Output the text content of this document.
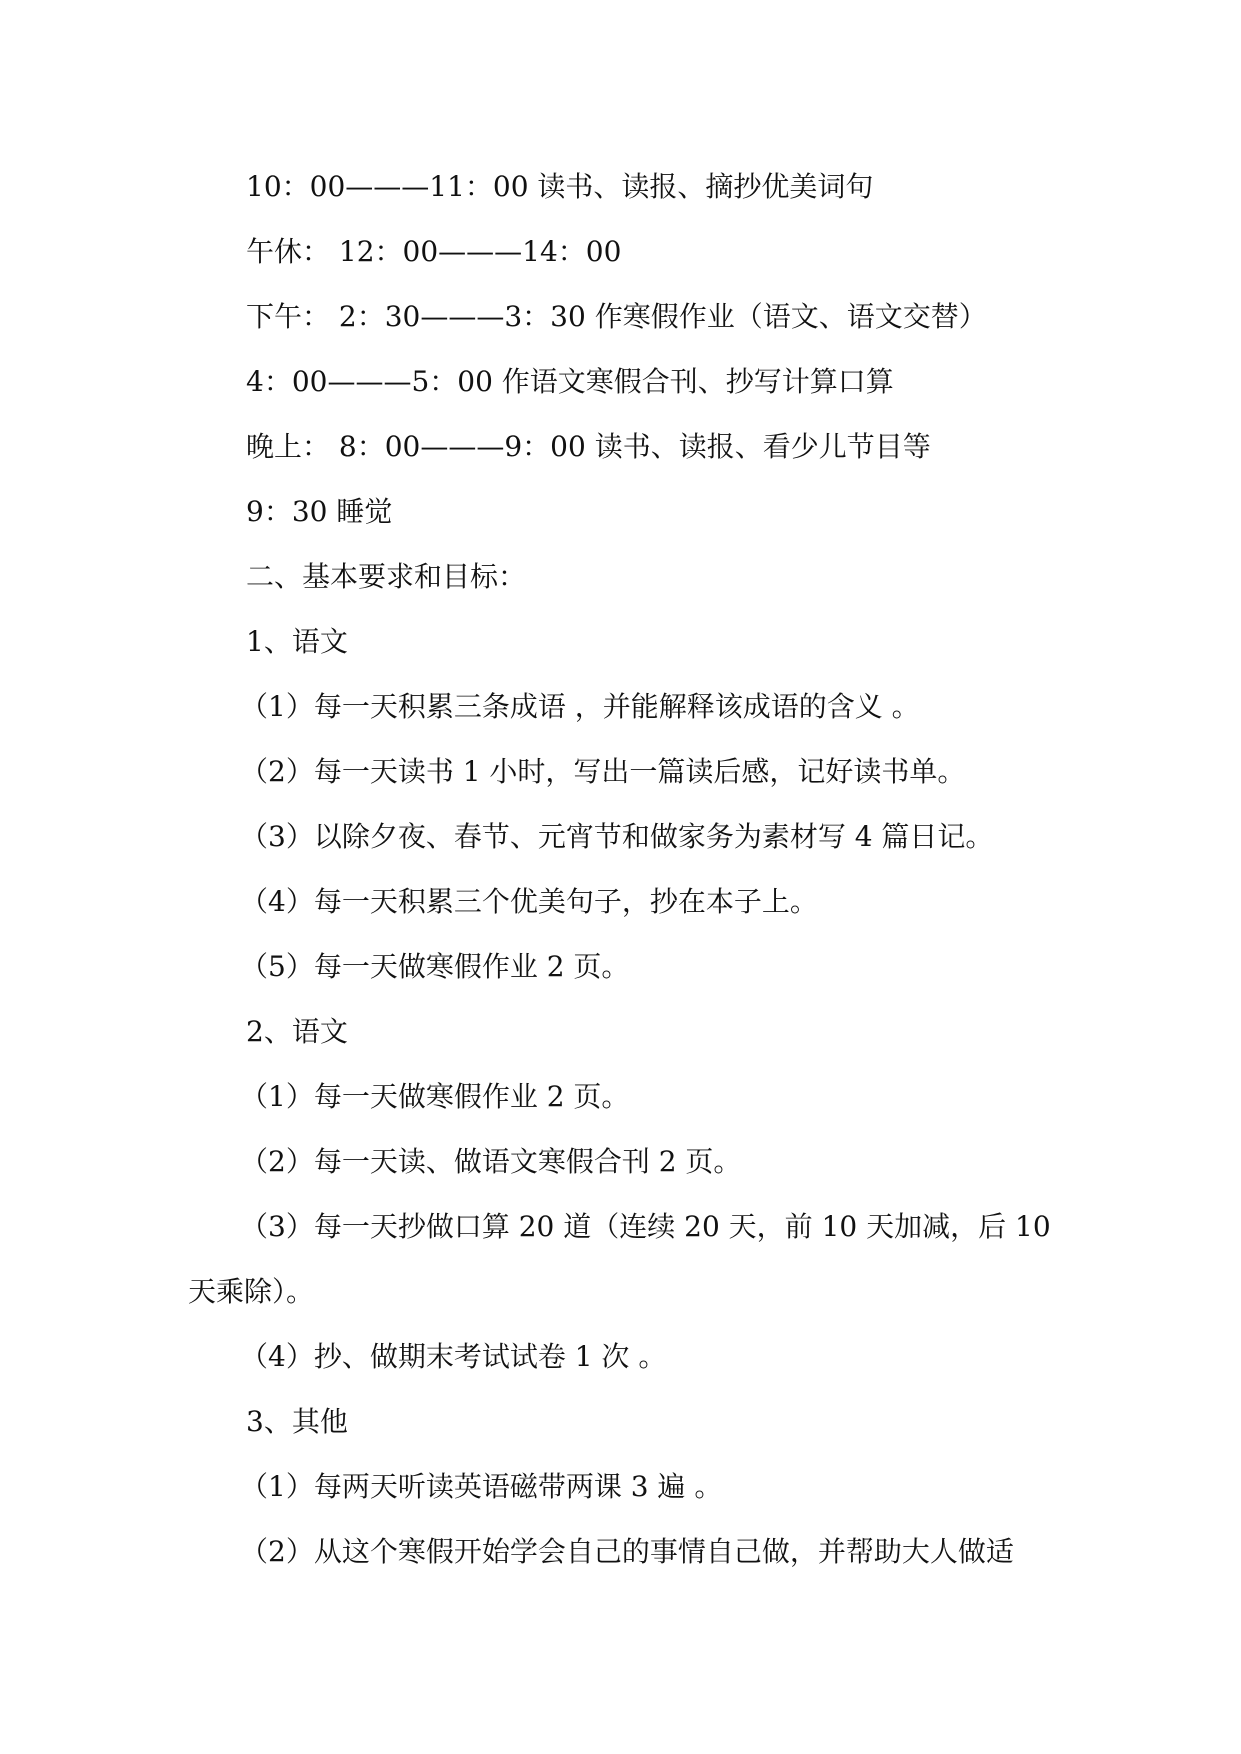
10：00———11：00 读书、读报、摘抄优美词句
午休： 12：00———14：00
下午： 2：30———3：30 作寒假作业（语文、语文交替）
4：00———5：00 作语文寒假合刊、抄写计算口算
晚上： 8：00———9：00 读书、读报、看少儿节目等
9：30 睡觉
二、基本要求和目标：
1、语文
（1）每一天积累三条成语 ，并能解释该成语的含义 。
（2）每一天读书 1 小时，写出一篇读后感，记好读书单。
（3）以除夕夜、春节、元宵节和做家务为素材写 4 篇日记。
（4）每一天积累三个优美句子，抄在本子上。
（5）每一天做寒假作业 2 页。
2、语文
（1）每一天做寒假作业 2 页。
（2）每一天读、做语文寒假合刊 2 页。
（3）每一天抄做口算 20 道（连续 20 天，前 10 天加减，后 10
天乘除）。
（4）抄、做期末考试试卷 1 次 。
3、其他
（1）每两天听读英语磁带两课 3 遍 。
（2）从这个寒假开始学会自己的事情自己做，并帮助大人做适
